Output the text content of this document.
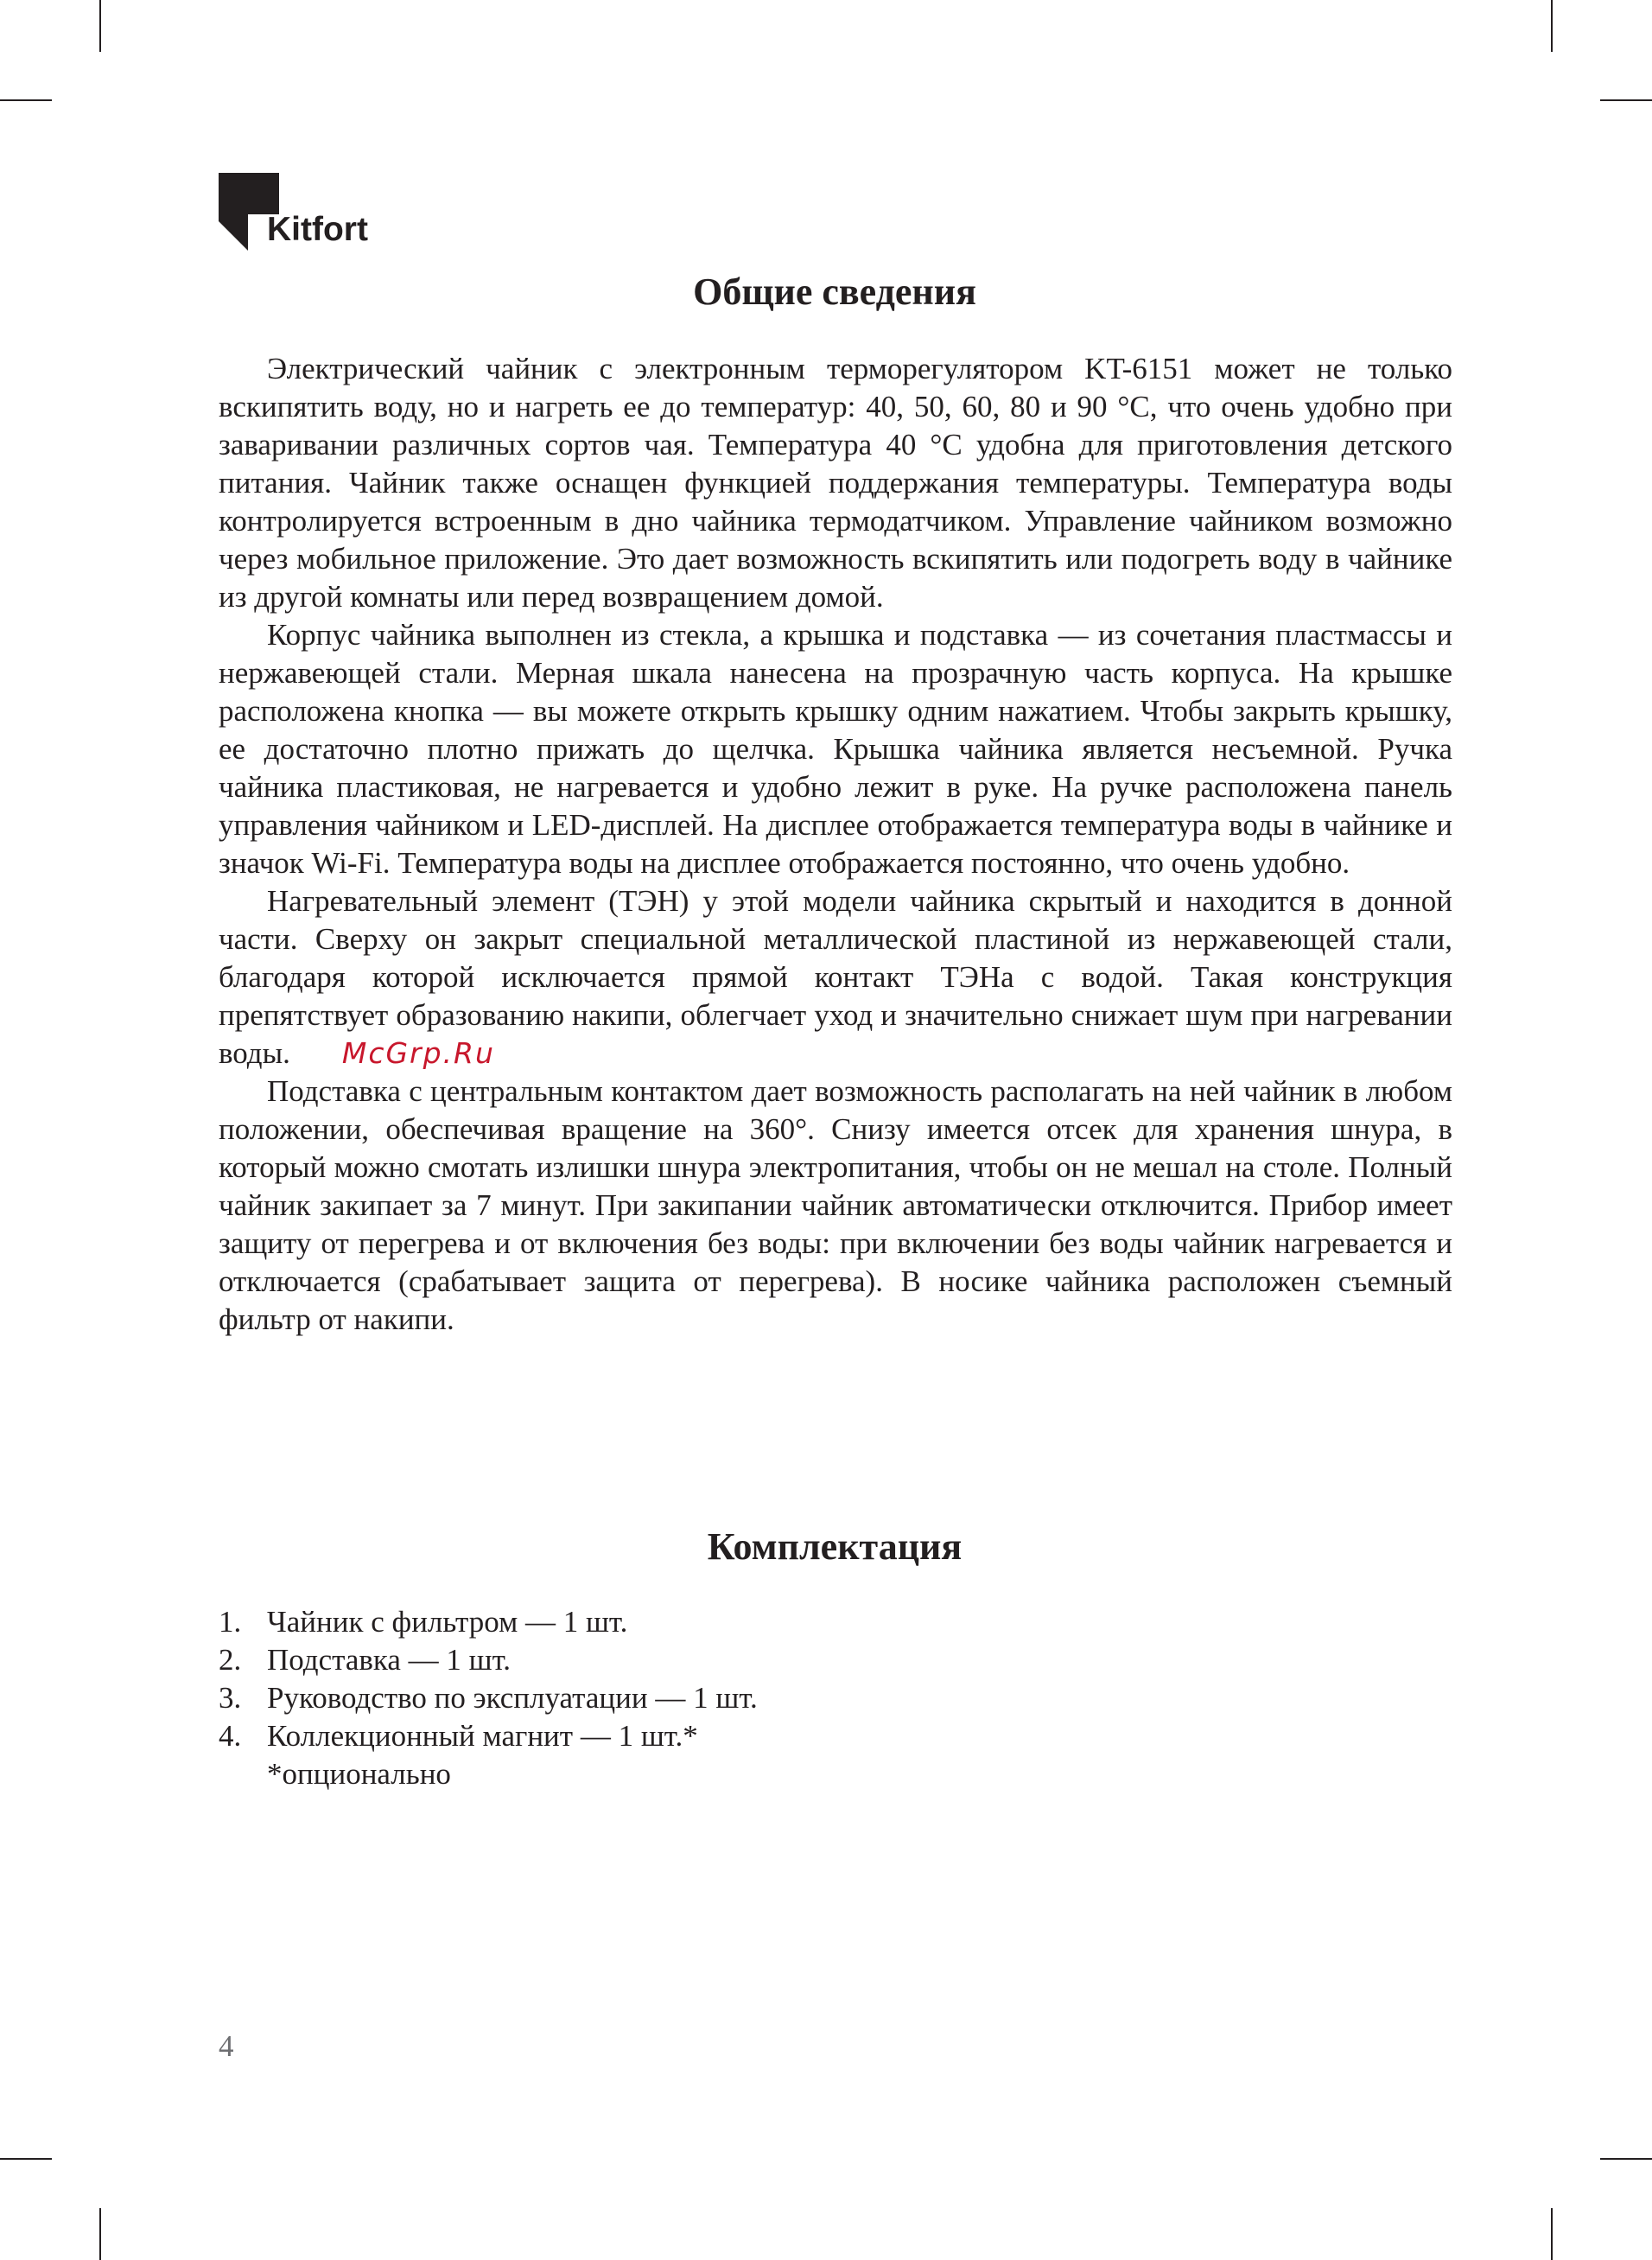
Kitfort
Общие сведения

Электрический чайник с электронным терморегулятором KT-6151 может не только вскипятить воду, но и нагреть ее до температур: 40, 50, 60, 80 и 90 °C, что очень удобно при заваривании различных сортов чая. Температура 40 °C удобна для приготовления детского питания. Чайник также оснащен функцией поддержания температуры. Температура воды контролируется встроенным в дно чайника термодатчиком. Управление чайником возможно через мобильное приложение. Это дает возможность вскипятить или подогреть воду в чайнике из другой комнаты или перед возвращением домой.

Корпус чайника выполнен из стекла, а крышка и подставка — из сочетания пластмассы и нержавеющей стали. Мерная шкала нанесена на прозрачную часть корпуса. На крышке расположена кнопка — вы можете открыть крышку одним нажатием. Чтобы закрыть крышку, ее достаточно плотно прижать до щелчка. Крышка чайника является несъемной. Ручка чайника пластиковая, не нагревается и удобно лежит в руке. На ручке расположена панель управления чайником и LED-дисплей. На дисплее отображается температура воды в чайнике и значок Wi-Fi. Температура воды на дисплее отображается постоянно, что очень удобно.

Нагревательный элемент (ТЭН) у этой модели чайника скрытый и находится в донной части. Сверху он закрыт специальной металлической пластиной из нержавеющей стали, благодаря которой исключается прямой контакт ТЭНа с водой. Такая конструкция препятствует образованию накипи, облегчает уход и значительно снижает шум при нагревании воды. McGrp.Ru

Подставка с центральным контактом дает возможность располагать на ней чайник в любом положении, обеспечивая вращение на 360°. Снизу имеется отсек для хранения шнура, в который можно смотать излишки шнура электропитания, чтобы он не мешал на столе. Полный чайник закипает за 7 минут. При закипании чайник автоматически отключится. Прибор имеет защиту от перегрева и от включения без воды: при включении без воды чайник нагревается и отключается (срабатывает защита от перегрева). В носике чайника расположен съемный фильтр от накипи.

Комплектация
1. Чайник с фильтром — 1 шт.
2. Подставка — 1 шт.
3. Руководство по эксплуатации — 1 шт.
4. Коллекционный магнит — 1 шт.*
*опционально
4
